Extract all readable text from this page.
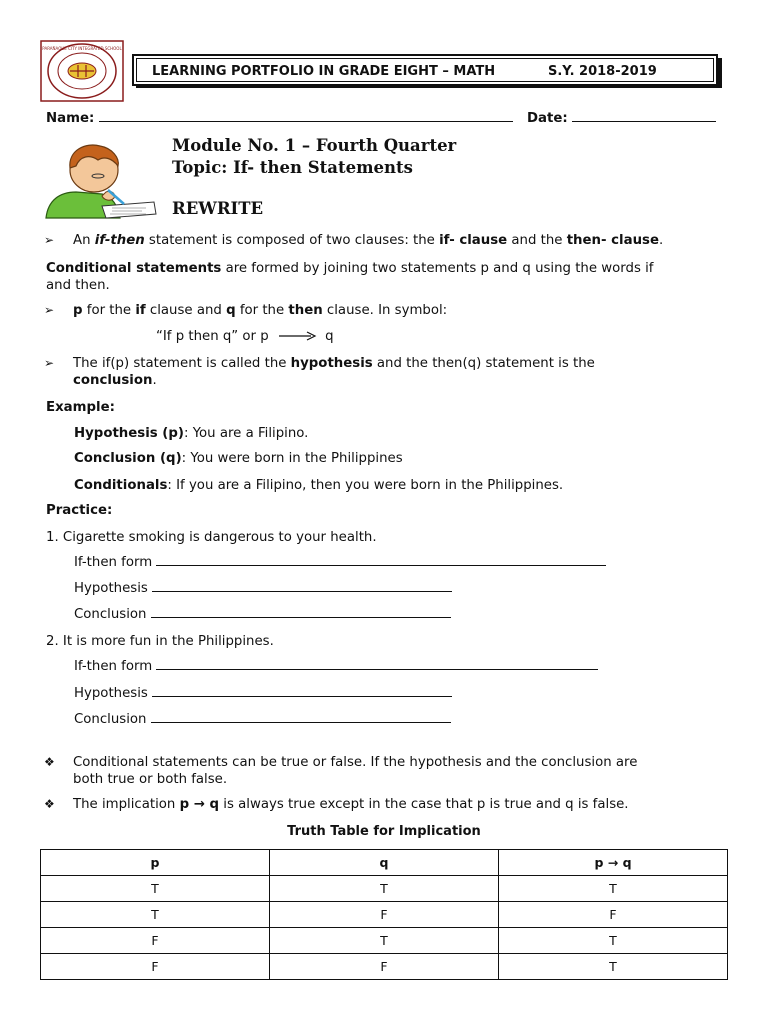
PARAÑAQUE CITY INTEGRATED SCHOOL
LEARNING PORTFOLIO IN GRADE EIGHT – MATH	S.Y. 2018-2019
Name:	Date:
Module No. 1 – Fourth Quarter
Topic: If- then Statements
REWRITE
➢	An if-then statement is composed of two clauses: the if- clause and the then- clause.
Conditional statements are formed by joining two statements p and q using the words if
and then.
➢	p for the if clause and q for the then clause. In symbol:
“If p then q” or p	q
➢	The if(p) statement is called the hypothesis and the then(q) statement is the
conclusion.
Example:
Hypothesis (p): You are a Filipino.
Conclusion (q): You were born in the Philippines
Conditionals: If you are a Filipino, then you were born in the Philippines.
Practice:
1. Cigarette smoking is dangerous to your health.
If-then form
Hypothesis
Conclusion
2. It is more fun in the Philippines.
If-then form
Hypothesis
Conclusion
❖	Conditional statements can be true or false. If the hypothesis and the conclusion are
both true or both false.
❖	The implication p → q is always true except in the case that p is true and q is false.
Truth Table for Implication
p	q	p → q
T	T	T
T	F	F
F	T	T
F	F	T
